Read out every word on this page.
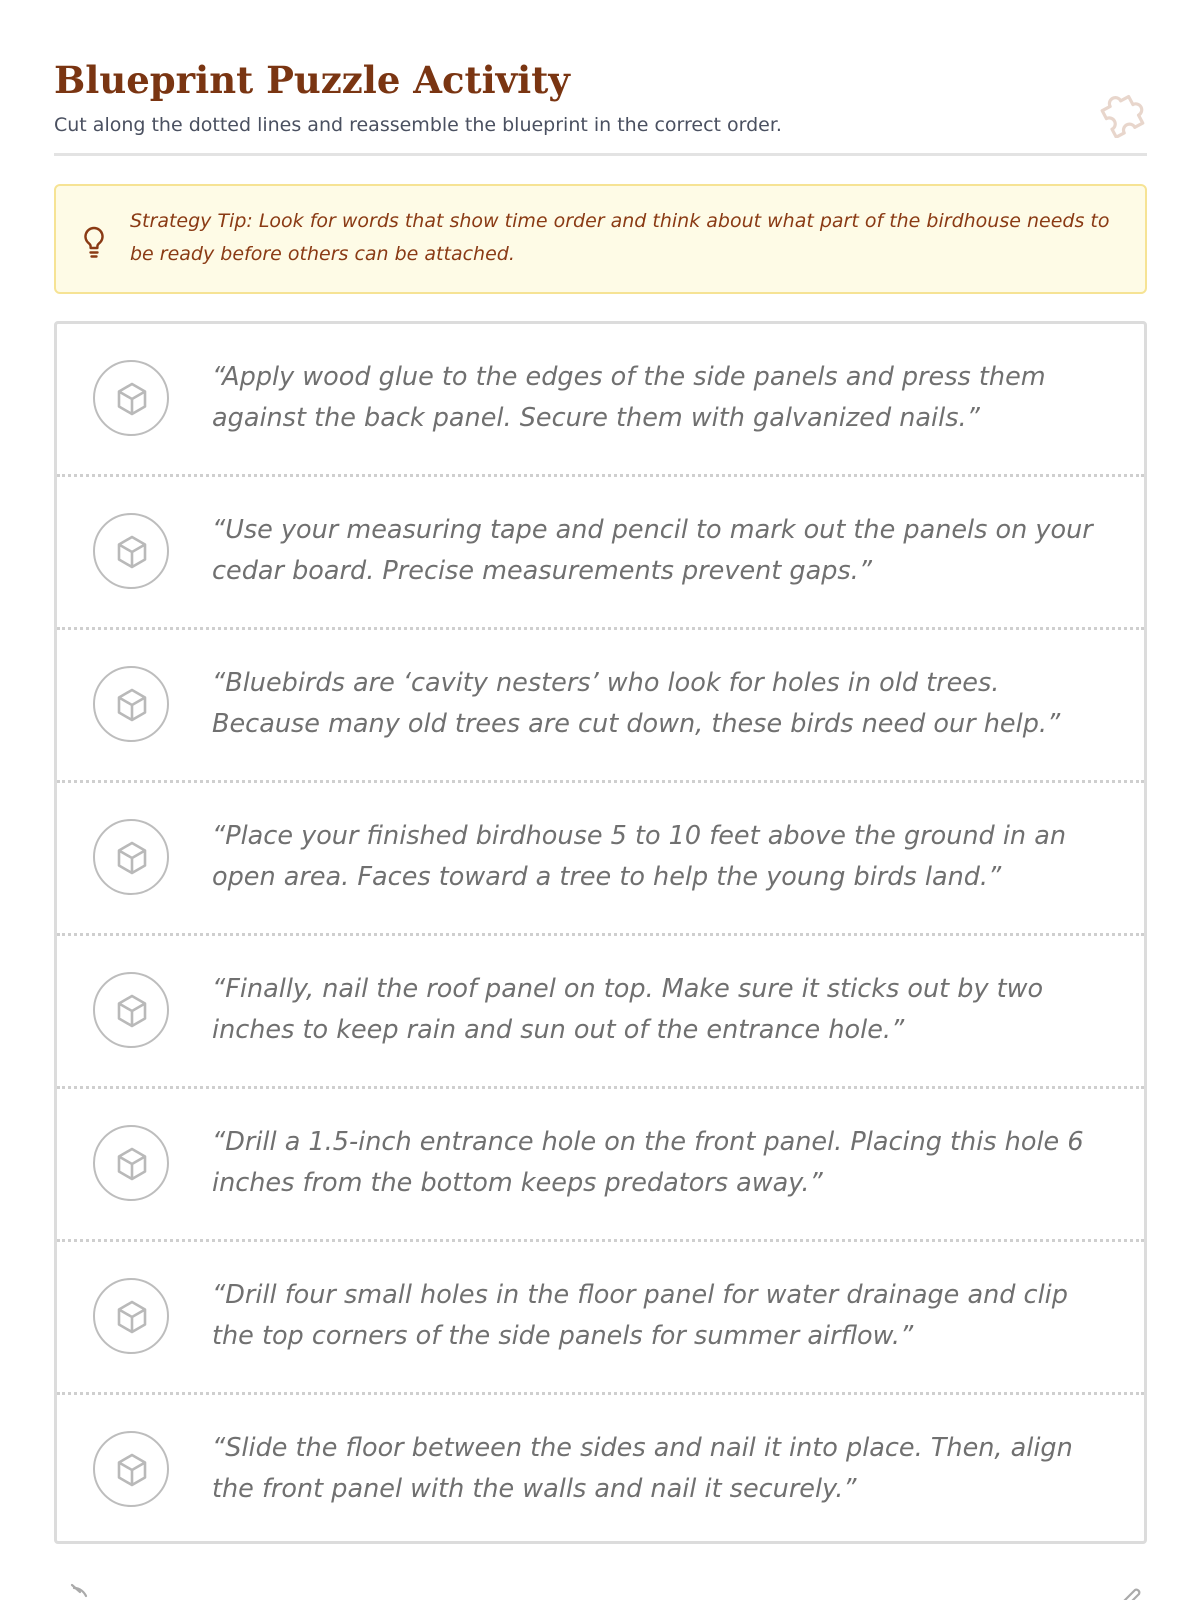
Blueprint Puzzle Activity

Cut along the dotted lines and reassemble the blueprint in the correct order.

Strategy Tip: Look for words that show time order and think about what part of the birdhouse needs to be ready before others can be attached.

“Apply wood glue to the edges of the side panels and press them against the back panel. Secure them with galvanized nails.”

“Use your measuring tape and pencil to mark out the panels on your cedar board. Precise measurements prevent gaps.”

“Bluebirds are ‘cavity nesters’ who look for holes in old trees. Because many old trees are cut down, these birds need our help.”

“Place your finished birdhouse 5 to 10 feet above the ground in an open area. Faces toward a tree to help the young birds land.”

“Finally, nail the roof panel on top. Make sure it sticks out by two inches to keep rain and sun out of the entrance hole.”

“Drill a 1.5-inch entrance hole on the front panel. Placing this hole 6 inches from the bottom keeps predators away.”

“Drill four small holes in the floor panel for water drainage and clip the top corners of the side panels for summer airflow.”

“Slide the floor between the sides and nail it into place. Then, align the front panel with the walls and nail it securely.”
